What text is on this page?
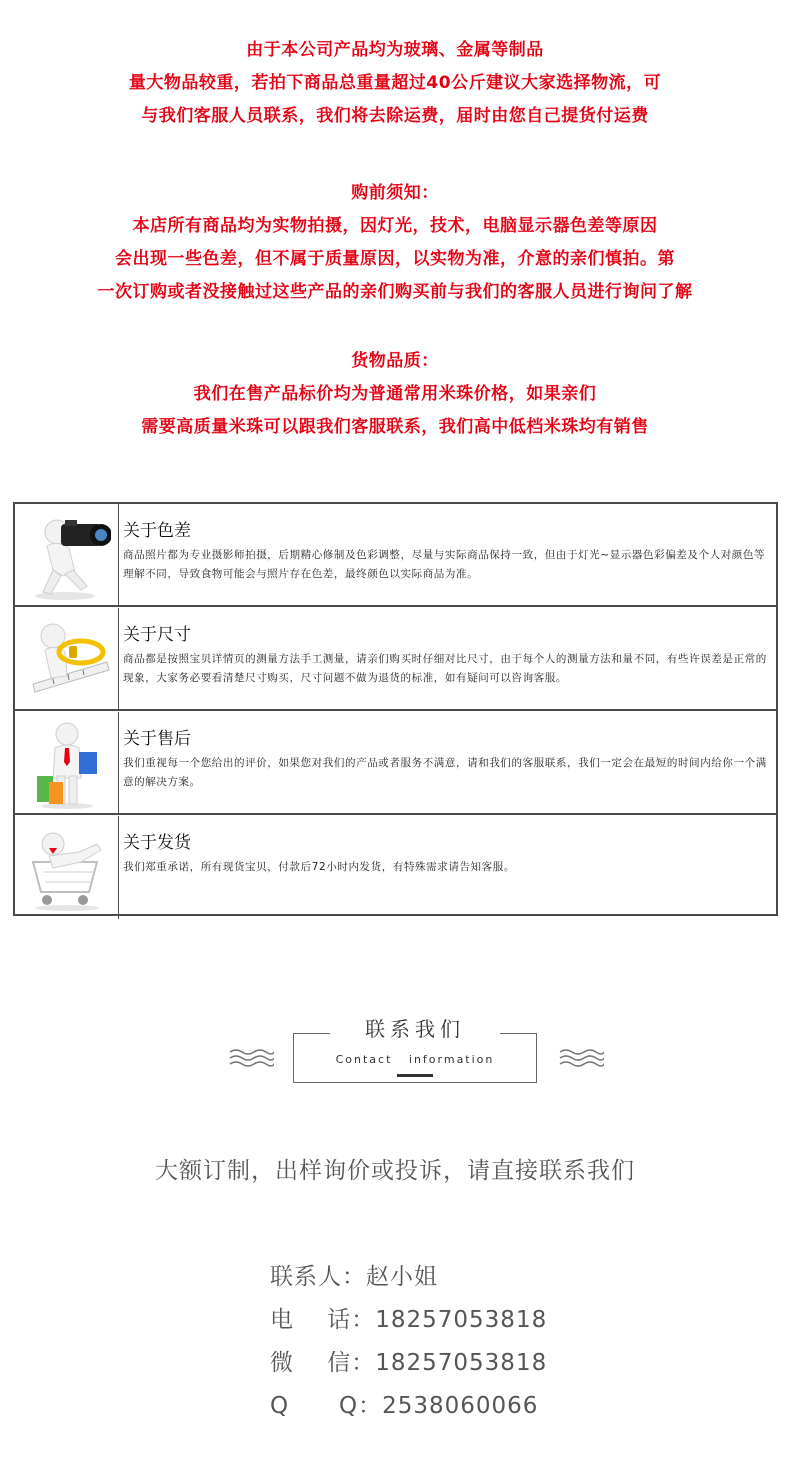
由于本公司产品均为玻璃、金属等制品
量大物品较重，若拍下商品总重量超过40公斤建议大家选择物流，可
与我们客服人员联系，我们将去除运费，届时由您自己提货付运费
购前须知：
本店所有商品均为实物拍摄，因灯光，技术，电脑显示器色差等原因
会出现一些色差，但不属于质量原因，以实物为准，介意的亲们慎拍。第
一次订购或者没接触过这些产品的亲们购买前与我们的客服人员进行询问了解
货物品质：
我们在售产品标价均为普通常用米珠价格，如果亲们
需要高质量米珠可以跟我们客服联系，我们高中低档米珠均有销售
关于色差
商品照片都为专业摄影师拍摄，后期精心修制及色彩调整，尽量与实际商品保持一致，但由于灯光~显示器色彩偏差及个人对颜色等理解不同，导致食物可能会与照片存在色差，最终颜色以实际商品为准。
关于尺寸
商品都是按照宝贝详情页的测量方法手工测量，请亲们购买时仔细对比尺寸，由于每个人的测量方法和量不同，有些许误差是正常的现象，大家务必要看清楚尺寸购买，尺寸问题不做为退货的标准，如有疑问可以咨询客服。
关于售后
我们重视每一个您给出的评价，如果您对我们的产品或者服务不满意，请和我们的客服联系，我们一定会在最短的时间内给你一个满意的解决方案。
关于发货
我们郑重承诺，所有现货宝贝，付款后72小时内发货，有特殊需求请告知客服。
联系我们
Contact   information
大额订制，出样询价或投诉，请直接联系我们
联系人：赵小姐
电    话：18257053818
微    信：18257053818
Q      Q：2538060066
